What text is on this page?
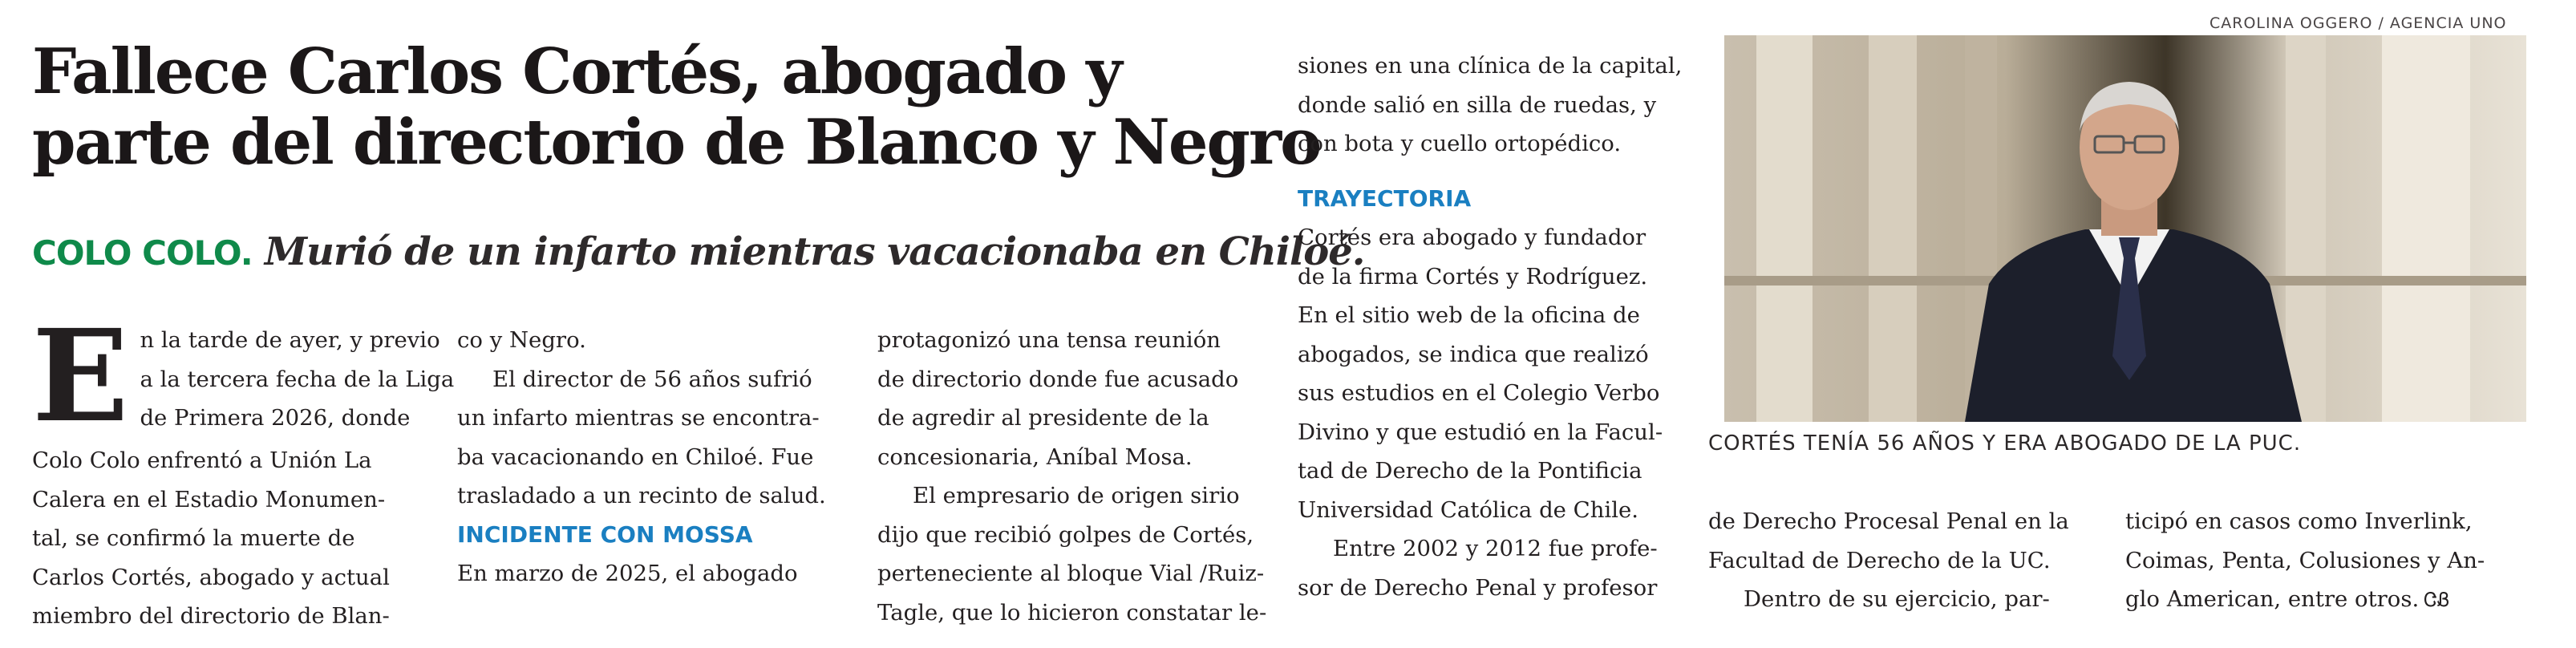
Fallece Carlos Cortés, abogado y
parte del directorio de Blanco y Negro
COLO COLO. Murió de un infarto mientras vacacionaba en Chiloé.
E n la tarde de ayer, y previo
a la tercera fecha de la Liga
de Primera 2026, donde
Colo Colo enfrentó a Unión La
Calera en el Estadio Monumen-
tal, se confirmó la muerte de
Carlos Cortés, abogado y actual
miembro del directorio de Blan-
co y Negro.
El director de 56 años sufrió
un infarto mientras se encontra-
ba vacacionando en Chiloé. Fue
trasladado a un recinto de salud.
INCIDENTE CON MOSSA
En marzo de 2025, el abogado
protagonizó una tensa reunión
de directorio donde fue acusado
de agredir al presidente de la
concesionaria, Aníbal Mosa.
El empresario de origen sirio
dijo que recibió golpes de Cortés,
perteneciente al bloque Vial /Ruiz-
Tagle, que lo hicieron constatar le-
siones en una clínica de la capital,
donde salió en silla de ruedas, y
con bota y cuello ortopédico.
TRAYECTORIA
Cortés era abogado y fundador
de la firma Cortés y Rodríguez.
En el sitio web de la oficina de
abogados, se indica que realizó
sus estudios en el Colegio Verbo
Divino y que estudió en la Facul-
tad de Derecho de la Pontificia
Universidad Católica de Chile.
Entre 2002 y 2012 fue profe-
sor de Derecho Penal y profesor
CAROLINA OGGERO / AGENCIA UNO
CORTÉS TENÍA 56 AÑOS Y ERA ABOGADO DE LA PUC.
de Derecho Procesal Penal en la
Facultad de Derecho de la UC.
Dentro de su ejercicio, par-
ticipó en casos como Inverlink,
Coimas, Penta, Colusiones y An-
glo American, entre otros. ᏣᏰ
